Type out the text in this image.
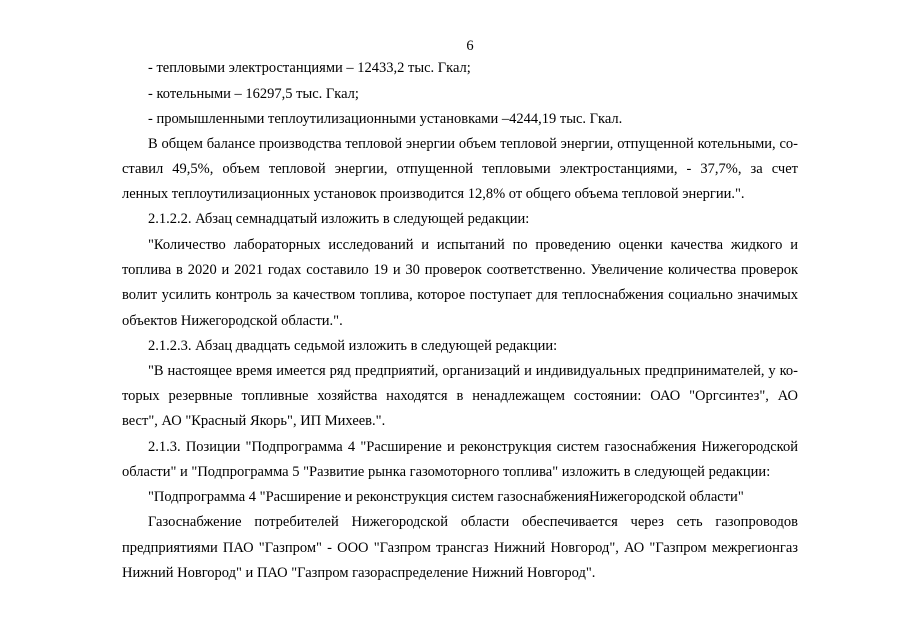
6
- тепловыми электростанциями – 12433,2 тыс. Гкал;
- котельными – 16297,5 тыс. Гкал;
- промышленными теплоутилизационными установками –4244,19 тыс. Гкал.
В общем балансе производства тепловой энергии объем тепловой энергии, отпущенной котельными, со-
ставил 49,5%, объем тепловой энергии, отпущенной тепловыми электростанциями, - 37,7%, за счет
ленных теплоутилизационных установок производится 12,8% от общего объема тепловой энергии.".
2.1.2.2. Абзац семнадцатый изложить в следующей редакции:
"Количество лабораторных исследований и испытаний по проведению оценки качества жидкого и
топлива в 2020 и 2021 годах составило 19 и 30 проверок соответственно. Увеличение количества проверок
волит усилить контроль за качеством топлива, которое поступает для теплоснабжения социально значимых
объектов Нижегородской области.".
2.1.2.3. Абзац двадцать седьмой изложить в следующей редакции:
"В настоящее время имеется ряд предприятий, организаций и индивидуальных предпринимателей, у ко-
торых резервные топливные хозяйства находятся в ненадлежащем состоянии: ОАО "Оргсинтез", АО
вест", АО "Красный Якорь", ИП Михеев.".
2.1.3. Позиции "Подпрограмма 4 "Расширение и реконструкция систем газоснабжения Нижегородской
области" и "Подпрограмма 5 "Развитие рынка газомоторного топлива" изложить в следующей редакции:
"Подпрограмма 4 "Расширение и реконструкция систем газоснабженияНижегородской области"
Газоснабжение потребителей Нижегородской области обеспечивается через сеть газопроводов
предприятиями ПАО "Газпром" - ООО "Газпром трансгаз Нижний Новгород", АО "Газпром межрегионгаз
Нижний Новгород" и ПАО "Газпром газораспределение Нижний Новгород".
